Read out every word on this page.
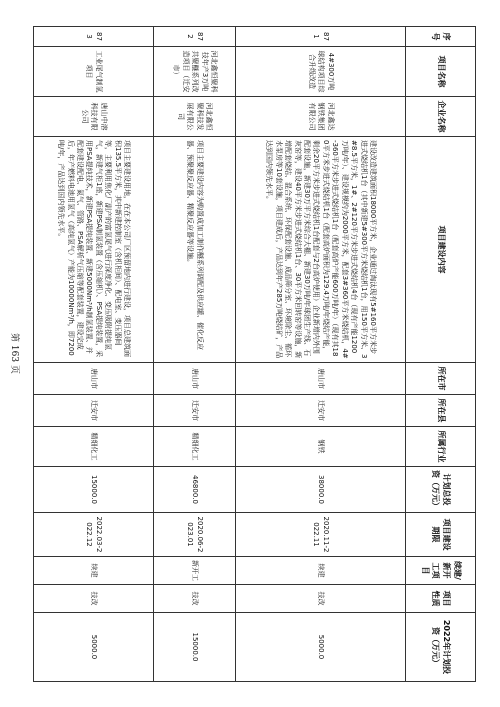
序号	项目名称	企业名称	项目建设内容	所在市	所在县	所属行业	计划总投资（万元）	项目建设期限	续建/新开工项目	项目性质	2022年计划投资（万元）
871	4#300万吨球结构项目综合升级改造	河北鑫达钢铁集团有限公司	建设改造建筑面积18000平方米，企业通过淘汰现有5#160平方米步进式烧结机1台（其中新建5#300平方米烧结机1台，用150平方米、3#8.5平方米，1#、2#120平方米步进式烧结机4台（现有产能1200万吨/年）、建设规模约为2000平方米，配套3#360平方米烧结机，4#-360平方米步进式烧结机1台（配套高炉产能600万吨/年）（现有其180平方米步进式烧结机1台（配套高炉面积为129.4万吨/年烧结产能，剩余20平方米步进式烧结机1台配套与2台高炉使用）企业新增内外围配套设施，新建30万平方米综合大棚、新建30万吨/年球团生产线、石灰窑等，建设40平方米步进式烧结机1台、30平方米回转窑等设施，新增配套烧结、混合系统、环保配套设施、成品筛分室、环境除尘、循环水泵房等10套设施，项目建成后，产品达到年产285万吨烧结矿，产品达到国内领先水平。	唐山市	迁安市	钢铁	38000.0	2020.11-2022.11	续建	技改	5000.0
872	河北鑫恒聚科技年产3万吨共聚醚系列改造项目（迁安市）	河北鑫恒聚科技发展有限公司	项目主要建设内容为购置成加工制作醚系列调配及供应罐、催化反应器、预聚聚反应器、精聚反应器等设施。	唐山市	迁安市	精细化工	46800.0	2020.06-2023.01	新开工	技改	15000.0
873	工业尾气制氢项目	唐山中溶科技有限公司	项目主要建设用地，在在本公司厂区预留地内进行建设，项目总建筑面积135.5平方米，其中新建控制室（含机柜间）、配电室、变压器间等，主要利用焦化厂副产的富氢尾气进行深度净化、变压吸附提纯氢气，新建气柜1座，新建PSA制氢装置（含压缩机）、PSA提纯装置，采用PSA提纯技术，新建PSA提纯装置、新建5000Nm³/h制氢装置、并配套建设配电、氮气、管路、PSA解析气压缩等配套装置，建设完成后，年产燃料电池用氢气（高纯氢气）产能为10000Nm³/h，即7200吨/年，产品达到国内领先水平。	唐山市	迁安市	精细化工	15000.0	2022.03-2022.12	续建	技改	5000.0
第 163 页
